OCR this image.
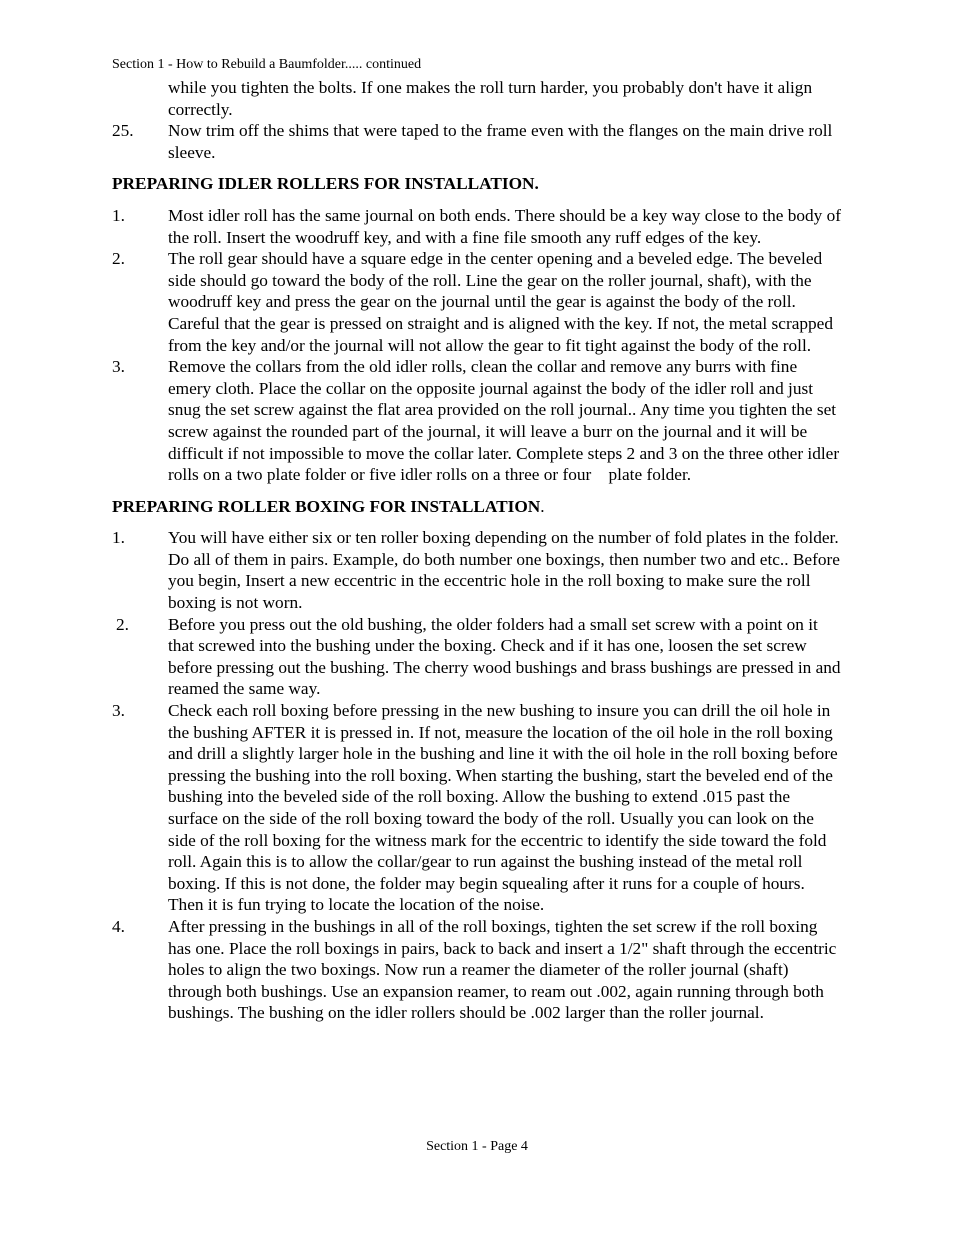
Section 1 - How to Rebuild a Baumfolder..... continued
while you tighten the bolts. If one makes the roll turn harder, you probably don't have it align correctly.
25.	Now trim off the shims that were taped to the frame even with the flanges on the main drive roll sleeve.
PREPARING IDLER ROLLERS FOR INSTALLATION.
1.	Most idler roll has the same journal on both ends. There should be a key way close to the body of the roll. Insert the woodruff key, and with a fine file smooth any ruff edges of the key.
2.	The roll gear should have a square edge in the center opening and a beveled edge. The beveled side should go toward the body of the roll. Line the gear on the roller journal, shaft), with the woodruff key and press the gear on the journal until the gear is against the body of the roll. Careful that the gear is pressed on straight and is aligned with the key. If not, the metal scrapped from the key and/or the journal will not allow the gear to fit tight against the body of the roll.
3.	Remove the collars from the old idler rolls, clean the collar and remove any burrs with fine emery cloth. Place the collar on the opposite journal against the body of the idler roll and just snug the set screw against the flat area provided on the roll journal.. Any time you tighten the set screw against the rounded part of the journal, it will leave a burr on the journal and it will be difficult if not impossible to move the collar later. Complete steps 2 and 3 on the three other idler rolls on a two plate folder or five idler rolls on a three or four    plate folder.
PREPARING ROLLER BOXING FOR INSTALLATION.
1.	You will have either six or ten roller boxing depending on the number of fold plates in the folder. Do all of them in pairs. Example, do both number one boxings, then number two and etc.. Before you begin, Insert a new eccentric in the eccentric hole in the roll boxing to make sure the roll boxing is not worn.
2.	Before you press out the old bushing, the older folders had a small set screw with a point on it that screwed into the bushing under the boxing. Check and if it has one, loosen the set screw before pressing out the bushing. The cherry wood bushings and brass bushings are pressed in and reamed the same way.
3.	Check each roll boxing before pressing in the new bushing to insure you can drill the oil hole in the bushing AFTER it is pressed in. If not, measure the location of the oil hole in the roll boxing and drill a slightly larger hole in the bushing and line it with the oil hole in the roll boxing before pressing the bushing into the roll boxing. When starting the bushing, start the beveled end of the bushing into the beveled side of the roll boxing. Allow the bushing to extend .015 past the surface on the side of the roll boxing toward the body of the roll. Usually you can look on the side of the roll boxing for the witness mark for the eccentric to identify the side toward the fold roll. Again this is to allow the collar/gear to run against the bushing instead of the metal roll boxing. If this is not done, the folder may begin squealing after it runs for a couple of hours. Then it is fun trying to locate the location of the noise.
4.	After pressing in the bushings in all of the roll boxings, tighten the set screw if the roll boxing has one. Place the roll boxings in pairs, back to back and insert a 1/2" shaft through the eccentric holes to align the two boxings. Now run a reamer the diameter of the roller journal (shaft) through both bushings. Use an expansion reamer, to ream out .002, again running through both bushings. The bushing on the idler rollers should be .002 larger than the roller journal.
Section 1 - Page 4
